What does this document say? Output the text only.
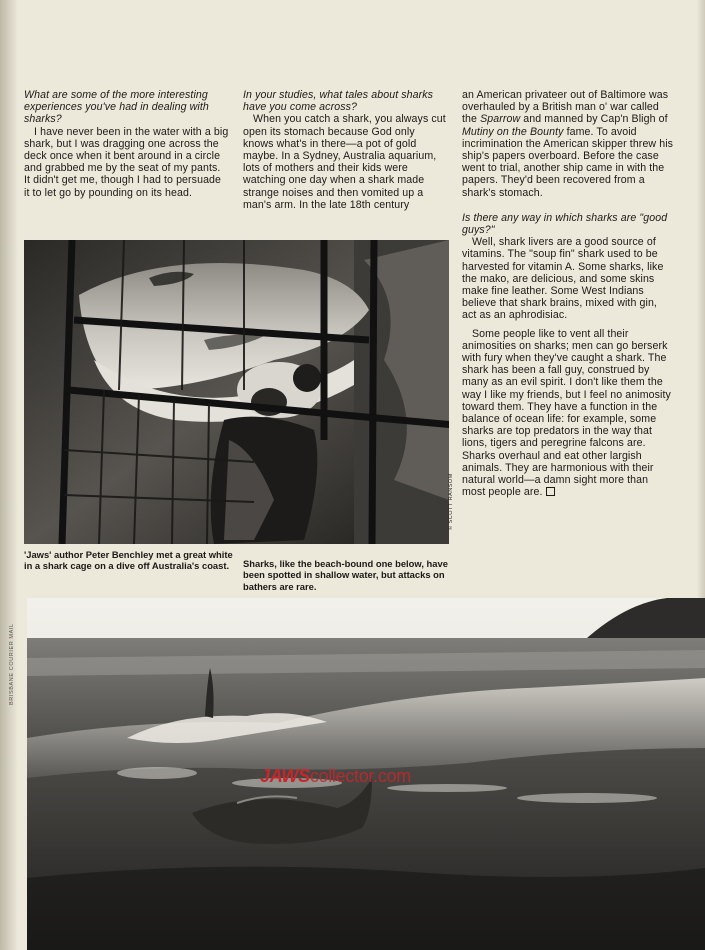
What are some of the more interesting experiences you've had in dealing with sharks?

I have never been in the water with a big shark, but I was dragging one across the deck once when it bent around in a circle and grabbed me by the seat of my pants. It didn't get me, though I had to persuade it to let go by pounding on its head.

In your studies, what tales about sharks have you come across?

When you catch a shark, you always cut open its stomach because God only knows what's in there—a pot of gold maybe. In a Sydney, Australia aquarium, lots of mothers and their kids were watching one day when a shark made strange noises and then vomited up a man's arm. In the late 18th century

an American privateer out of Baltimore was overhauled by a British man o' war called the Sparrow and manned by Cap'n Bligh of Mutiny on the Bounty fame. To avoid incrimination the American skipper threw his ship's papers overboard. Before the case went to trial, another ship came in with the papers. They'd been recovered from a shark's stomach.

Is there any way in which sharks are "good guys?"

Well, shark livers are a good source of vitamins. The "soup fin" shark used to be harvested for vitamin A. Some sharks, like the mako, are delicious, and some skins make fine leather. Some West Indians believe that shark brains, mixed with gin, act as an aphrodisiac.

Some people like to vent all their animosities on sharks; men can go berserk with fury when they've caught a shark. The shark has been a fall guy, construed by many as an evil spirit. I don't like them the way I like my friends, but I feel no animosity toward them. They have a function in the balance of ocean life: for example, some sharks are top predators in the way that lions, tigers and peregrine falcons are. Sharks overhaul and eat other largish animals. They are harmonious with their natural world—a damn sight more than most people are.

© SCOTT RANSOM
'Jaws' author Peter Benchley met a great white in a shark cage on a dive off Australia's coast.	Sharks, like the beach-bound one below, have been spotted in shallow water, but attacks on bathers are rare.
BRISBANE COURIER MAIL
JAWScollector.com
